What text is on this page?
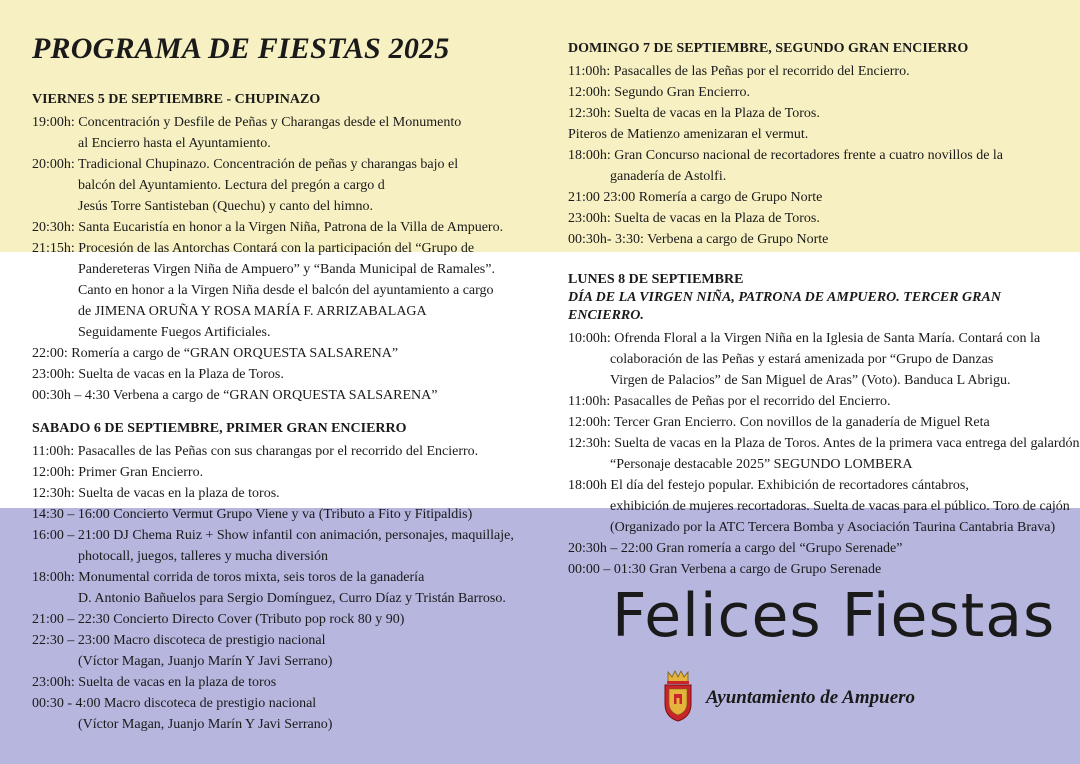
PROGRAMA DE FIESTAS 2025
VIERNES 5 DE SEPTIEMBRE - CHUPINAZO
19:00h: Concentración y Desfile de Peñas y Charangas desde el Monumento
al Encierro hasta el Ayuntamiento.
20:00h: Tradicional Chupinazo. Concentración de peñas y charangas bajo el
balcón del Ayuntamiento. Lectura del pregón a cargo d
Jesús Torre Santisteban (Quechu) y canto del himno.
20:30h: Santa Eucaristía en honor a la Virgen Niña, Patrona de la Villa de Ampuero.
21:15h: Procesión de las Antorchas Contará con la participación del “Grupo de
Pandereteras Virgen Niña de Ampuero” y “Banda Municipal de Ramales”.
Canto en honor a la Virgen Niña desde el balcón del ayuntamiento a cargo
de JIMENA ORUÑA Y ROSA MARÍA F. ARRIZABALAGA
Seguidamente Fuegos Artificiales.
22:00: Romería a cargo de “GRAN ORQUESTA SALSARENA”
23:00h: Suelta de vacas en la Plaza de Toros.
00:30h – 4:30 Verbena a cargo de “GRAN ORQUESTA SALSARENA”
SABADO 6 DE SEPTIEMBRE, PRIMER GRAN ENCIERRO
11:00h: Pasacalles de las Peñas con sus charangas por el recorrido del Encierro.
12:00h: Primer Gran Encierro.
12:30h: Suelta de vacas en la plaza de toros.
14:30 – 16:00 Concierto Vermut Grupo Viene y va (Tributo a Fito y Fitipaldis)
16:00 – 21:00 DJ Chema Ruiz + Show infantil con animación, personajes, maquillaje,
photocall, juegos, talleres y mucha diversión
18:00h: Monumental corrida de toros mixta, seis toros de la ganadería
D. Antonio Bañuelos para Sergio Domínguez, Curro Díaz y Tristán Barroso.
21:00 – 22:30 Concierto Directo Cover (Tributo pop rock 80 y 90)
22:30 – 23:00 Macro discoteca de prestigio nacional
(Víctor Magan, Juanjo Marín Y Javi Serrano)
23:00h: Suelta de vacas en la plaza de toros
00:30 - 4:00 Macro discoteca de prestigio nacional
(Víctor Magan, Juanjo Marín Y Javi Serrano)
DOMINGO 7 DE SEPTIEMBRE, SEGUNDO GRAN ENCIERRO
11:00h: Pasacalles de las Peñas por el recorrido del Encierro.
12:00h: Segundo Gran Encierro.
12:30h: Suelta de vacas en la Plaza de Toros.
Piteros de Matienzo amenizaran el vermut.
18:00h: Gran Concurso nacional de recortadores frente a cuatro novillos de la
ganadería de Astolfi.
21:00 23:00 Romería a cargo de Grupo Norte
23:00h: Suelta de vacas en la Plaza de Toros.
00:30h- 3:30: Verbena a cargo de Grupo Norte
LUNES 8 DE SEPTIEMBRE
DÍA DE LA VIRGEN NIÑA, PATRONA DE AMPUERO. TERCER GRAN ENCIERRO.
10:00h: Ofrenda Floral a la Virgen Niña en la Iglesia de Santa María. Contará con la
colaboración de las Peñas y estará amenizada por “Grupo de Danzas
Virgen de Palacios” de San Miguel de Aras” (Voto). Banduca L Abrigu.
11:00h: Pasacalles de Peñas por el recorrido del Encierro.
12:00h: Tercer Gran Encierro. Con novillos de la ganadería de Miguel Reta
12:30h: Suelta de vacas en la Plaza de Toros. Antes de la primera vaca entrega del galardón
“Personaje destacable 2025” SEGUNDO LOMBERA
18:00h El día del festejo popular. Exhibición de recortadores cántabros,
exhibición de mujeres recortadoras. Suelta de vacas para el público. Toro de cajón
(Organizado por la ATC Tercera Bomba y Asociación Taurina Cantabria Brava)
20:30h – 22:00 Gran romería a cargo del “Grupo Serenade”
00:00 – 01:30 Gran Verbena a cargo de Grupo Serenade
Felices Fiestas
Ayuntamiento de Ampuero
